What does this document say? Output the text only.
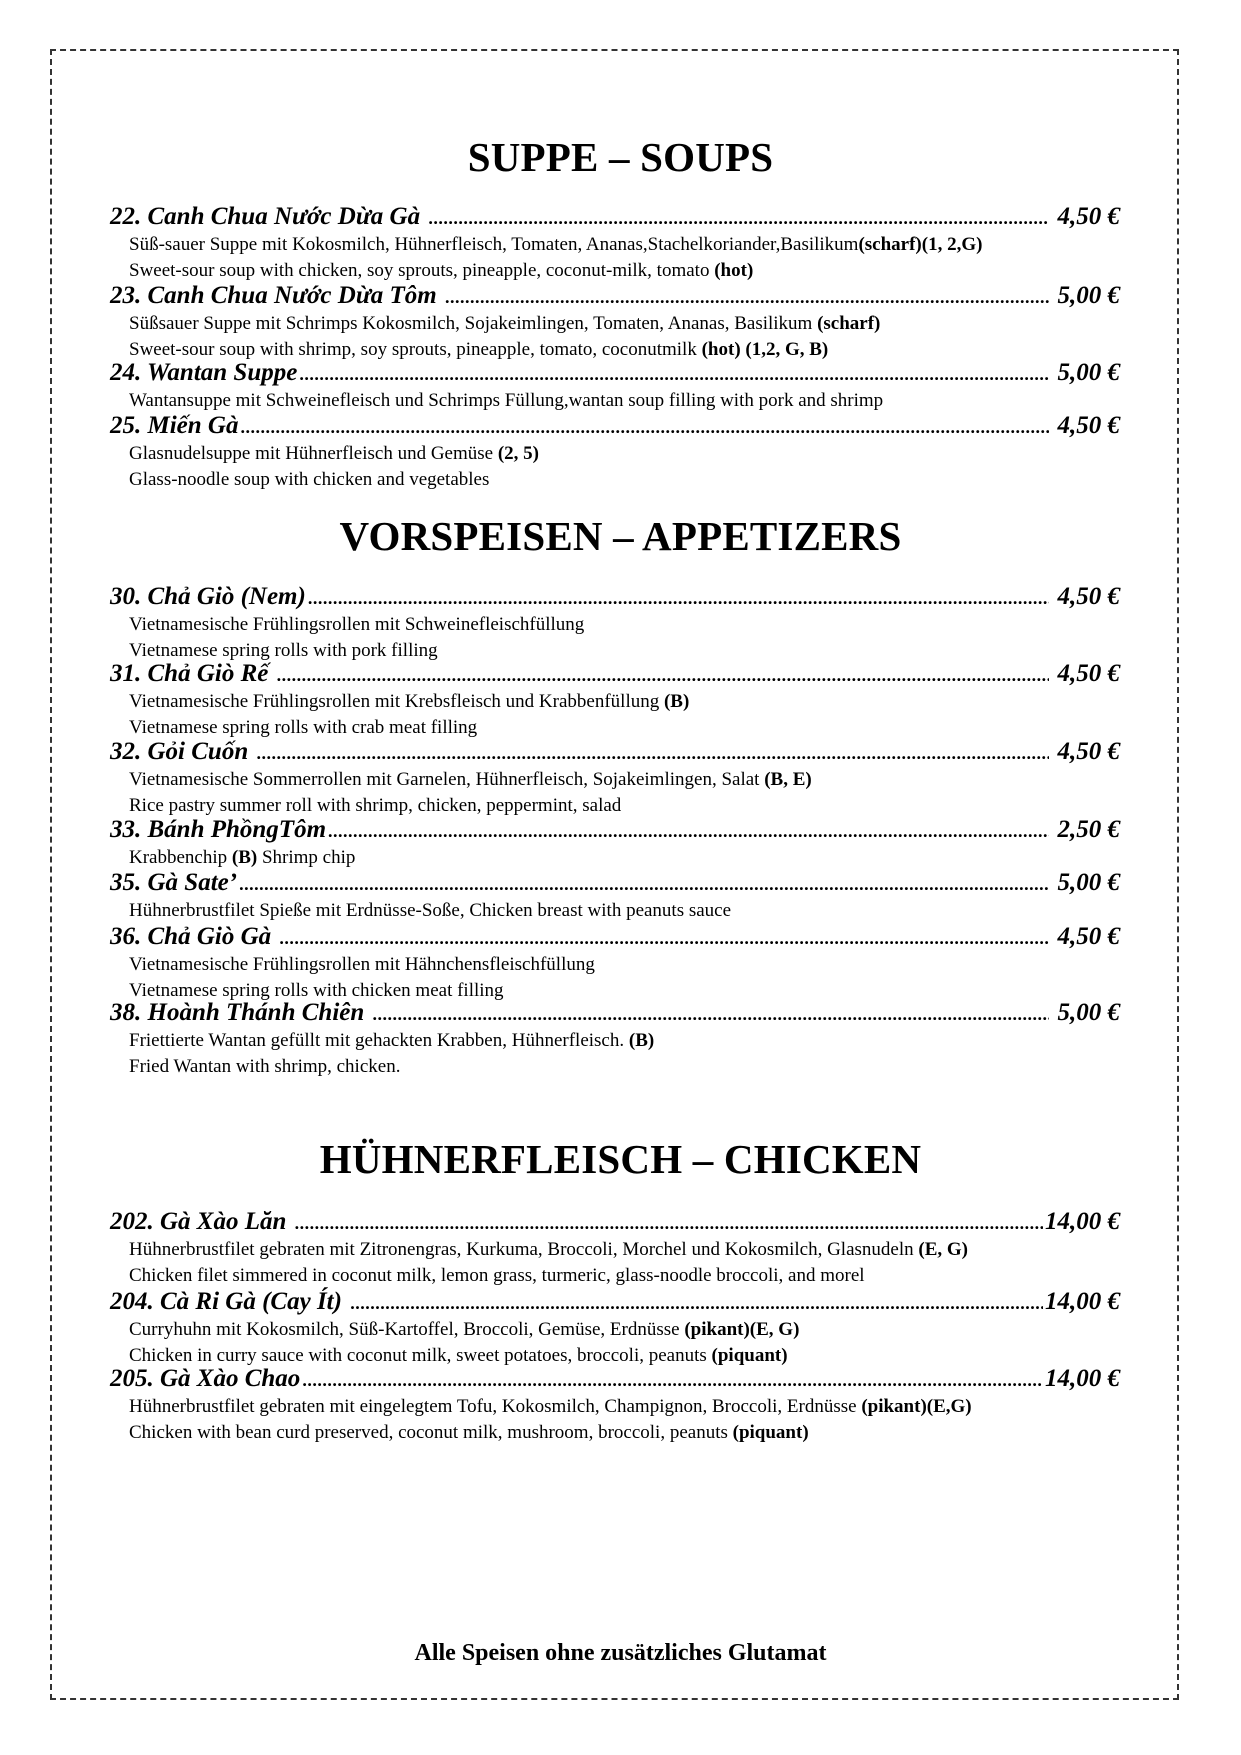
SUPPE – SOUPS
22. Canh Chua Nước Dừa Gà .....	4,50 €
Süß-sauer Suppe mit Kokosmilch, Hühnerfleisch, Tomaten, Ananas,Stachelkoriander,Basilikum(scharf)(1, 2,G)
Sweet-sour soup with chicken, soy sprouts, pineapple, coconut-milk, tomato (hot)
23. Canh Chua Nước Dừa Tôm .....	5,00 €
Süßsauer Suppe mit Schrimps Kokosmilch, Sojakeimlingen, Tomaten, Ananas, Basilikum (scharf)
Sweet-sour soup with shrimp, soy sprouts, pineapple, tomato, coconutmilk (hot) (1,2, G, B)
24. Wantan Suppe .....	5,00 €
Wantansuppe mit Schweinefleisch und Schrimps Füllung,wantan soup filling with pork and shrimp
25. Miến Gà .....	4,50 €
Glasnudelsuppe mit Hühnerfleisch und Gemüse (2, 5)
Glass-noodle soup with chicken and vegetables
VORSPEISEN – APPETIZERS
30. Chả Giò (Nem) .....	4,50 €
Vietnamesische Frühlingsrollen mit Schweinefleischfüllung
Vietnamese spring rolls with pork filling
31. Chả Giò Rế .....	4,50 €
Vietnamesische Frühlingsrollen mit Krebsfleisch und Krabbenfüllung (B)
Vietnamese spring rolls with crab meat filling
32. Gỏi Cuốn .....	4,50 €
Vietnamesische Sommerrollen mit Garnelen, Hühnerfleisch, Sojakeimlingen, Salat (B, E)
Rice pastry summer roll with shrimp, chicken, peppermint, salad
33. Bánh PhồngTôm .....	2,50 €
Krabbenchip (B) Shrimp chip
35. Gà Sate’ .....	5,00 €
Hühnerbrustfilet Spieße mit Erdnüsse-Soße, Chicken breast with peanuts sauce
36. Chả Giò Gà .....	4,50 €
Vietnamesische Frühlingsrollen mit Hähnchensfleischfüllung
Vietnamese spring rolls with chicken meat filling
38. Hoành Thánh Chiên .....	5,00 €
Friettierte Wantan gefüllt mit gehackten Krabben, Hühnerfleisch. (B)
Fried Wantan with shrimp, chicken.
HÜHNERFLEISCH – CHICKEN
202. Gà Xào Lăn .....	14,00 €
Hühnerbrustfilet gebraten mit Zitronengras, Kurkuma, Broccoli, Morchel und Kokosmilch, Glasnudeln (E, G)
Chicken filet simmered in coconut milk, lemon grass, turmeric, glass-noodle broccoli, and morel
204. Cà Ri Gà (Cay Ít) .....	14,00 €
Curryhuhn mit Kokosmilch, Süß-Kartoffel, Broccoli, Gemüse, Erdnüsse (pikant)(E, G)
Chicken in curry sauce with coconut milk, sweet potatoes, broccoli, peanuts (piquant)
205. Gà Xào Chao .....	14,00 €
Hühnerbrustfilet gebraten mit eingelegtem Tofu, Kokosmilch, Champignon, Broccoli, Erdnüsse (pikant)(E,G)
Chicken with bean curd preserved, coconut milk, mushroom, broccoli, peanuts (piquant)
Alle Speisen ohne zusätzliches Glutamat
